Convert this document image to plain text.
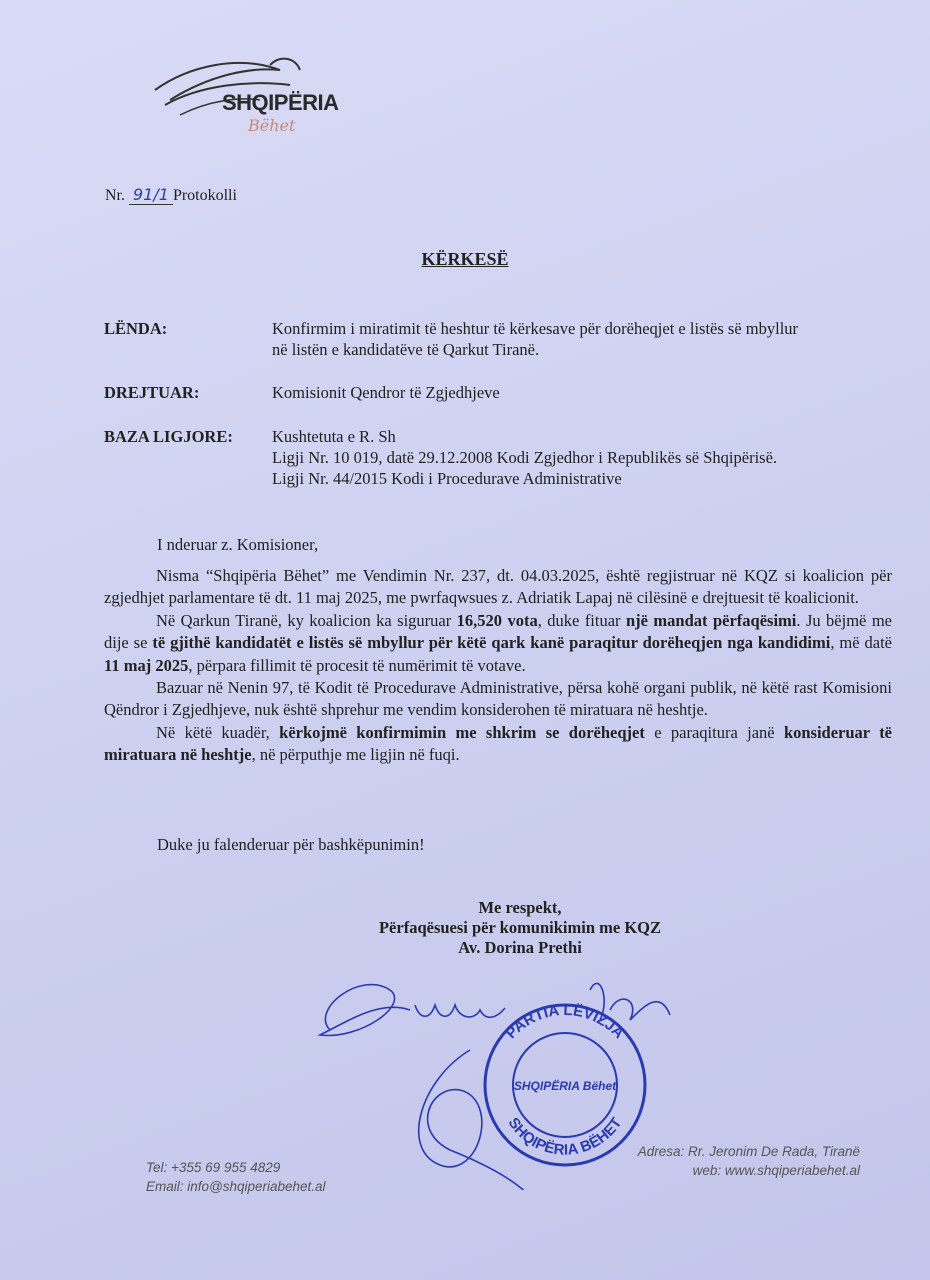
SHQIPËRIA
Bëhet
Nr. 91/1 Protokolli
KËRKESË
LËNDA:	Konfirmim i miratimit të heshtur të kërkesave për dorëheqjet e listës së mbyllur
në listën e kandidatëve të Qarkut Tiranë.
DREJTUAR:	Komisionit Qendror të Zgjedhjeve
BAZA LIGJORE:	Kushtetuta e R. Sh
Ligji Nr. 10 019, datë 29.12.2008 Kodi Zgjedhor i Republikës së Shqipërisë.
Ligji Nr. 44/2015 Kodi i Procedurave Administrative
I nderuar z. Komisioner,

Nisma “Shqipëria Bëhet” me Vendimin Nr. 237, dt. 04.03.2025, është regjistruar në KQZ si koalicion për zgjedhjet parlamentare të dt. 11 maj 2025, me pwrfaqwsues z. Adriatik Lapaj në cilësinë e drejtuesit të koalicionit.

Në Qarkun Tiranë, ky koalicion ka siguruar 16,520 vota, duke fituar një mandat përfaqësimi. Ju bëjmë me dije se të gjithë kandidatët e listës së mbyllur për këtë qark kanë paraqitur dorëheqjen nga kandidimi, më datë 11 maj 2025, përpara fillimit të procesit të numërimit të votave.

Bazuar në Nenin 97, të Kodit të Procedurave Administrative, përsa kohë organi publik, në këtë rast Komisioni Qëndror i Zgjedhjeve, nuk është shprehur me vendim konsiderohen të miratuara në heshtje.

Në këtë kuadër, kërkojmë konfirmimin me shkrim se dorëheqjet e paraqitura janë konsideruar të miratuara në heshtje, në përputhje me ligjin në fuqi.

Duke ju falenderuar për bashkëpunimin!
Me respekt,
Përfaqësuesi për komunikimin me KQZ
Av. Dorina Prethi
PARTIA LËVIZJA
SHQIPËRIA BËHET
SHQIPËRIA Bëhet
Tel: +355 69 955 4829
Email: info@shqiperiabehet.al
Adresa: Rr. Jeronim De Rada, Tiranë
web: www.shqiperiabehet.al
